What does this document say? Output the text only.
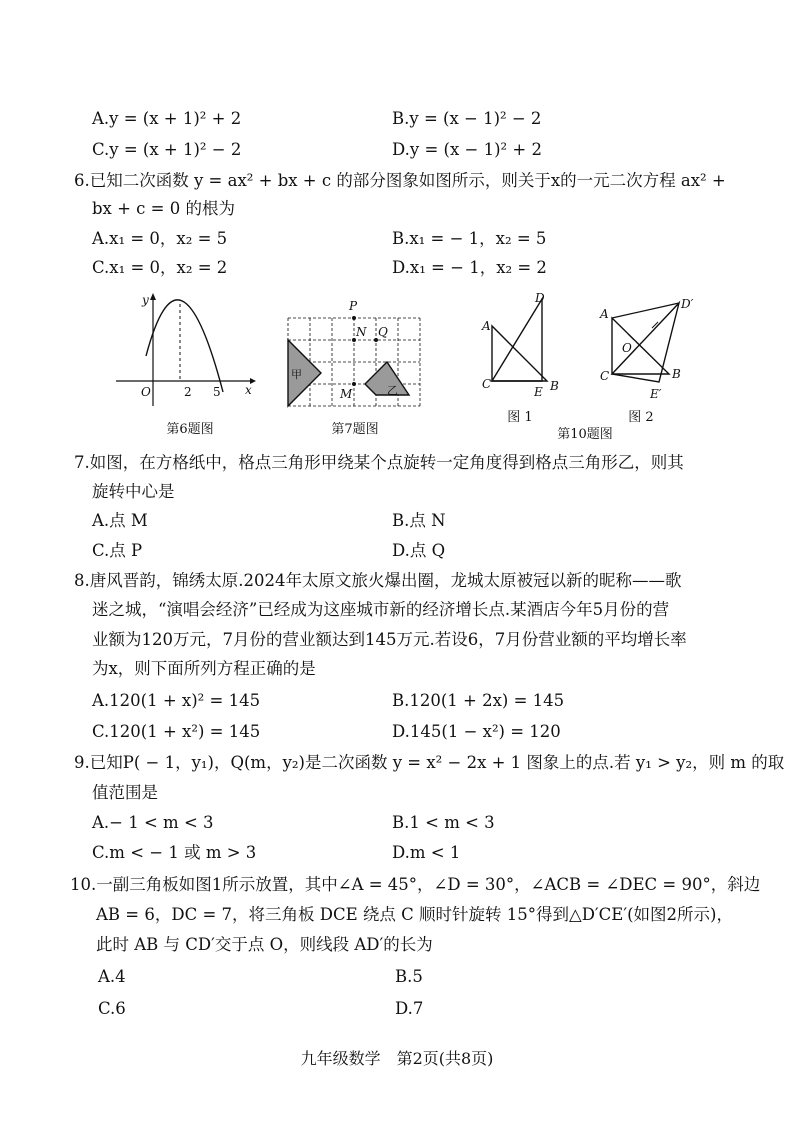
A.y = (x + 1)² + 2	B.y = (x − 1)² − 2
C.y = (x + 1)² − 2	D.y = (x − 1)² + 2
6.已知二次函数 y = ax² + bx + c 的部分图象如图所示，则关于x的一元二次方程 ax² +
bx + c = 0 的根为
A.x₁ = 0，x₂ = 5	B.x₁ = − 1，x₂ = 5
C.x₁ = 0，x₂ = 2	D.x₁ = − 1，x₂ = 2
y
x
O	2 5
第6题图
P
N Q
M
甲
乙
第7题图
A
C
D
E B
图 1
A
C
D′
B
E′
O
图 2
第10题图
7.如图，在方格纸中，格点三角形甲绕某个点旋转一定角度得到格点三角形乙，则其
旋转中心是
A.点 M	B.点 N
C.点 P	D.点 Q
8.唐风晋韵，锦绣太原.2024年太原文旅火爆出圈，龙城太原被冠以新的昵称——歌
迷之城，“演唱会经济”已经成为这座城市新的经济增长点.某酒店今年5月份的营
业额为120万元，7月份的营业额达到145万元.若设6，7月份营业额的平均增长率
为x，则下面所列方程正确的是
A.120(1 + x)² = 145	B.120(1 + 2x) = 145
C.120(1 + x²) = 145	D.145(1 − x²) = 120
9.已知P( − 1，y₁)，Q(m，y₂)是二次函数 y = x² − 2x + 1 图象上的点.若 y₁ > y₂，则 m 的取
值范围是
A.− 1 < m < 3	B.1 < m < 3
C.m < − 1 或 m > 3	D.m < 1
10.一副三角板如图1所示放置，其中∠A = 45°，∠D = 30°，∠ACB = ∠DEC = 90°，斜边
AB = 6，DC = 7，将三角板 DCE 绕点 C 顺时针旋转 15°得到△D′CE′(如图2所示)，
此时 AB 与 CD′交于点 O，则线段 AD′的长为
A.4	B.5
C.6	D.7
九年级数学　第2页(共8页)
